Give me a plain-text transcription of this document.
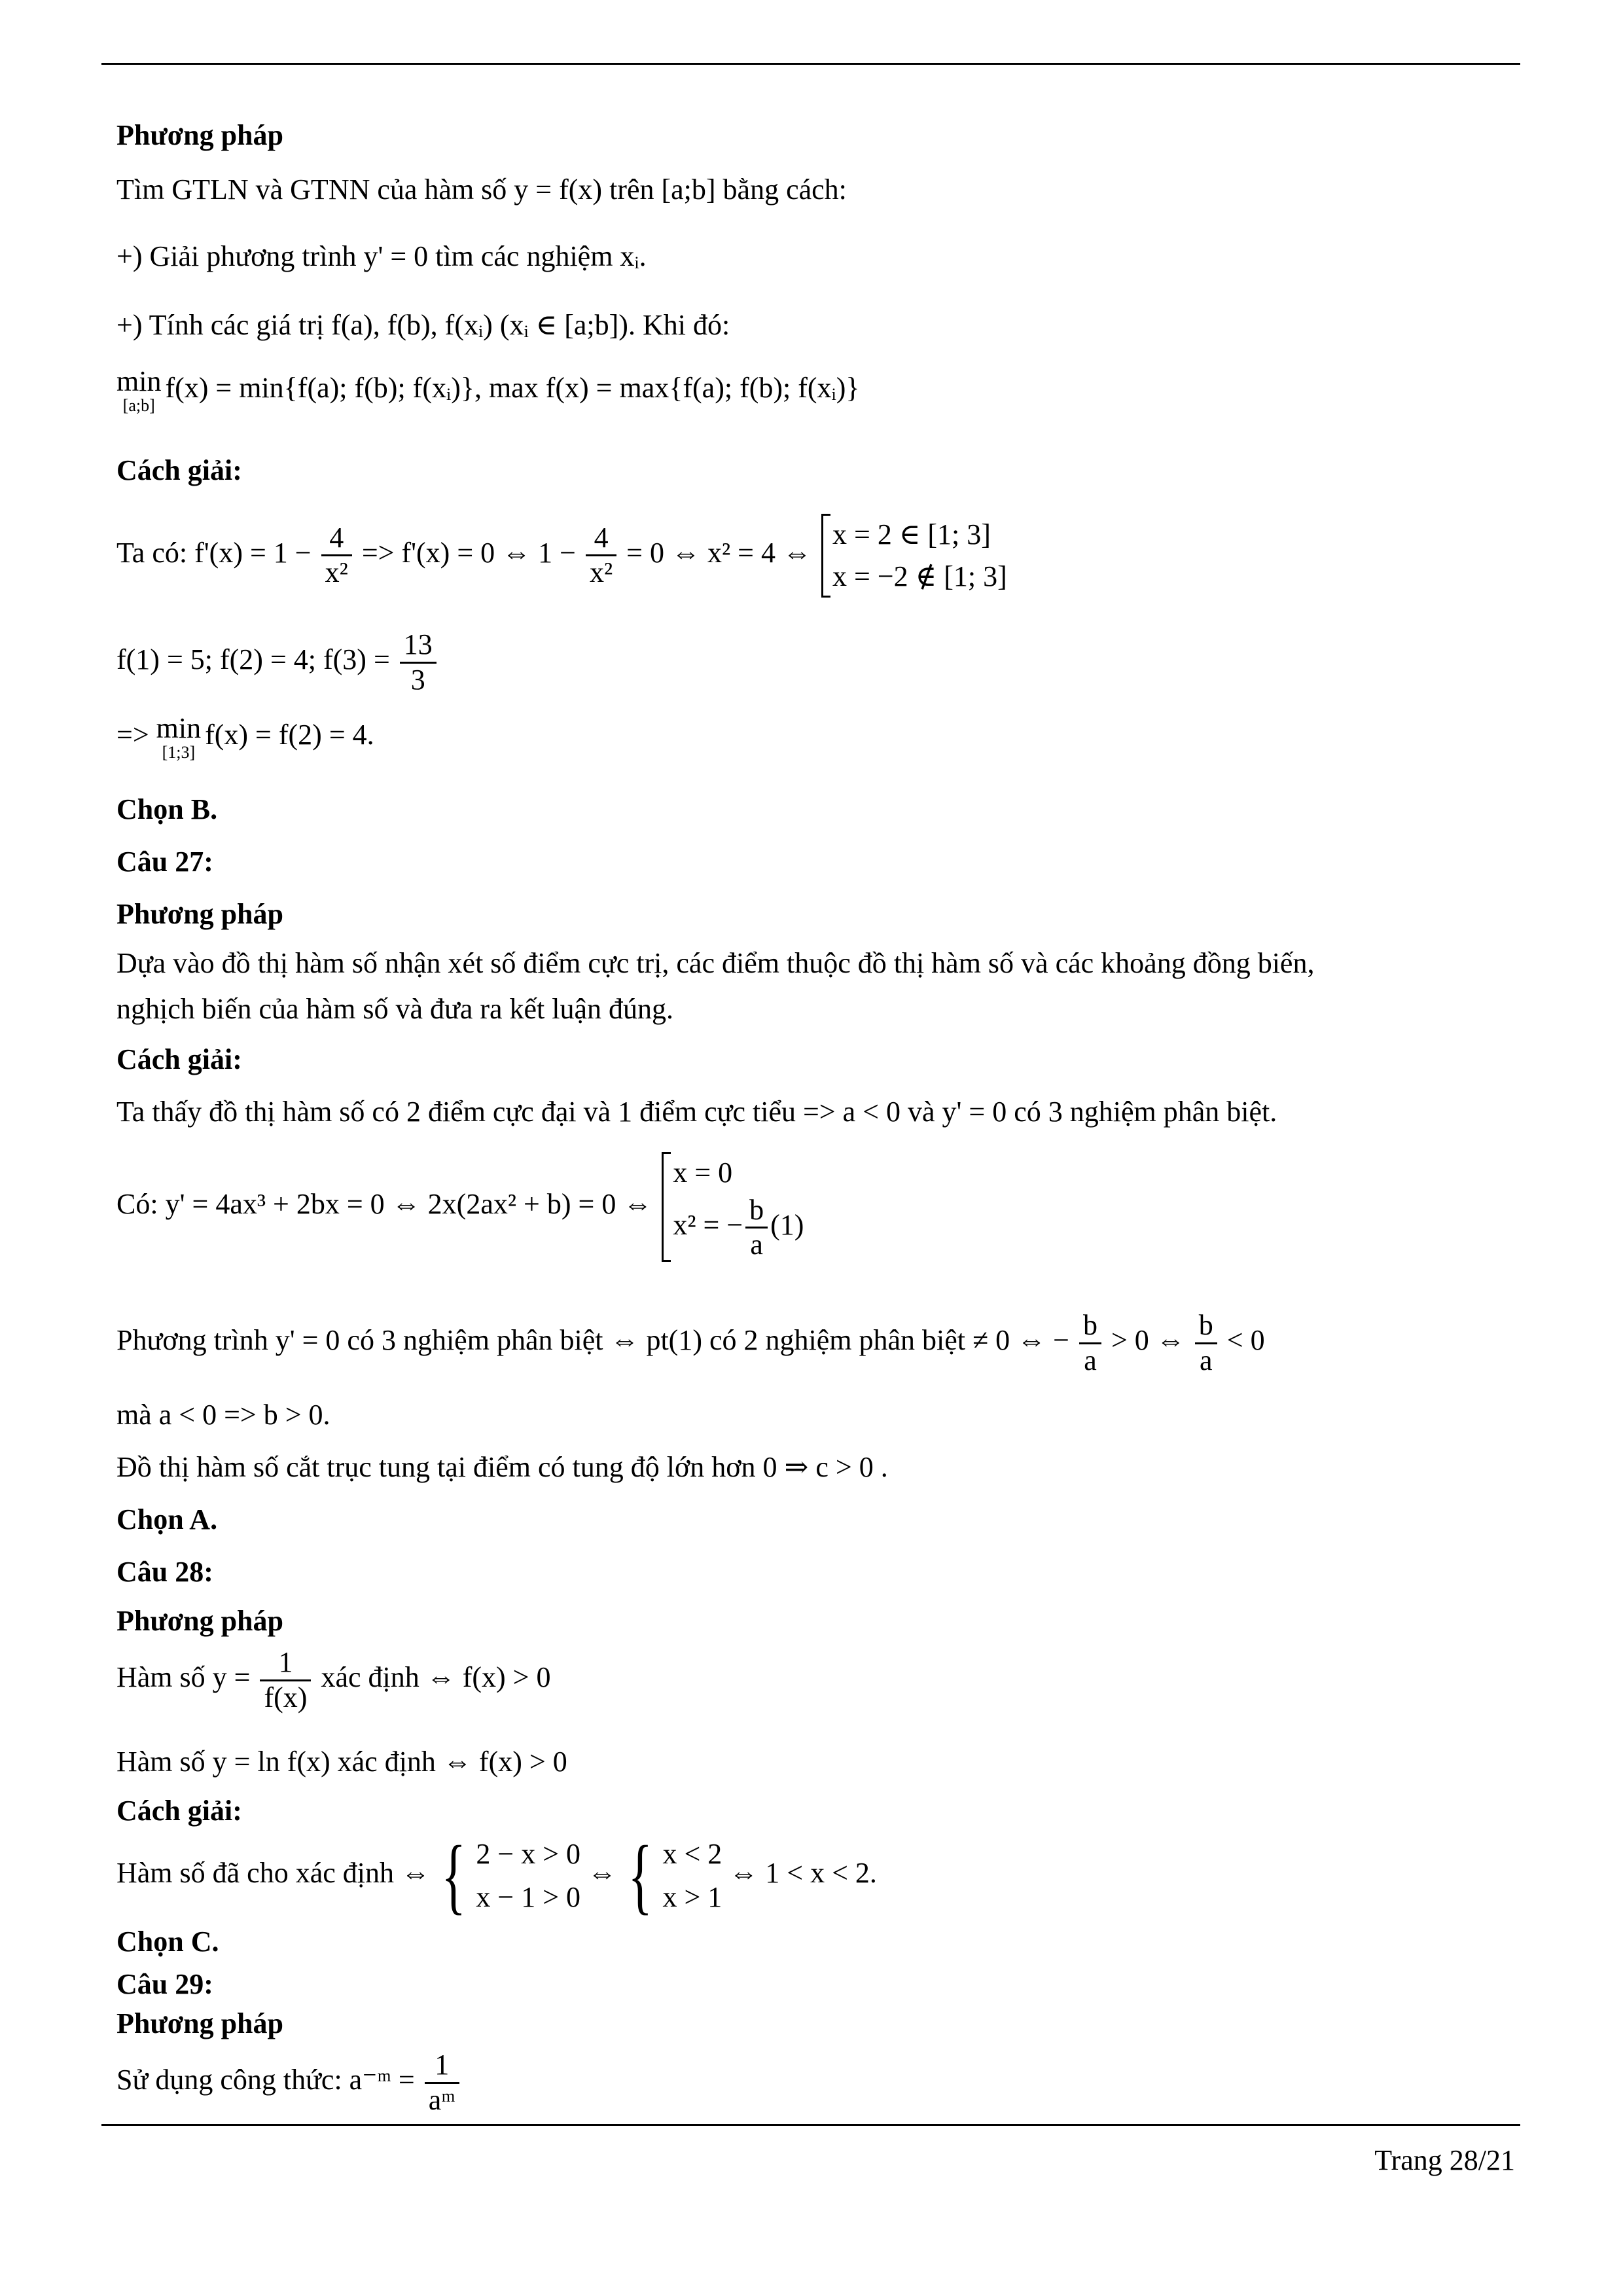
Phương pháp
Tìm GTLN và GTNN của hàm số y = f(x) trên [a;b] bằng cách:
+) Giải phương trình y' = 0 tìm các nghiệm xᵢ.
+) Tính các giá trị f(a), f(b), f(xᵢ) (xᵢ ∈ [a;b]). Khi đó:
min
[a;b]
f(x) = min{f(a); f(b); f(xᵢ)}, max f(x) = max{f(a); f(b); f(xᵢ)}
Cách giải:
Ta có: $f'(x) = 1 - \frac{4}{\text{x²}} => f'(x) = 0$ ⇔ $1 - \frac{4}{\text{x²}} = 0$ ⇔ x² = 4 ⇔
x = 2 ∈ [1; 3]
x = −2 ∉ [1; 3]
f(1) = 5; f(2) = 4; $f(3) = \frac{13}{3}$
=> min
[1;3]
f(x) = f(2) = 4.
Chọn B.
Câu 27:
Phương pháp
Dựa vào đồ thị hàm số nhận xét số điểm cực trị, các điểm thuộc đồ thị hàm số và các khoảng đồng biến,
nghịch biến của hàm số và đưa ra kết luận đúng.
Cách giải:
Ta thấy đồ thị hàm số có 2 điểm cực đại và 1 điểm cực tiểu => a < 0 và y' = 0 có 3 nghiệm phân biệt.
Có: y' = 4ax³ + 2bx = 0 ⇔ 2x(2ax² + b) = 0 ⇔
x = 0
x² = − $\frac{b}{a} (1)$
Phương trình y' = 0 có 3 nghiệm phân biệt ⇔ pt(1) có 2 nghiệm phân biệt ≠ 0 ⇔ − $\frac{b}{a} > 0$ ⇔ $\frac{b}{a} < 0$
mà a < 0 => b > 0.
Đồ thị hàm số cắt trục tung tại điểm có tung độ lớn hơn 0 ⇒ c > 0 .
Chọn A.
Câu 28:
Phương pháp
Hàm số $y = \frac{1}{f(x)}$ xác định ⇔ f(x) > 0
Hàm số y = ln f(x) xác định ⇔ f(x) > 0
Cách giải:
Hàm số đã cho xác định ⇔ { 2 − x > 0
x − 1 > 0
⇔ { x < 2
x > 1
⇔ 1 < x < 2.
Chọn C.
Câu 29:
Phương pháp
Sử dụng công thức: a⁻ᵐ = $\frac{1}{\text{aᵐ}}$
Trang 28/21
